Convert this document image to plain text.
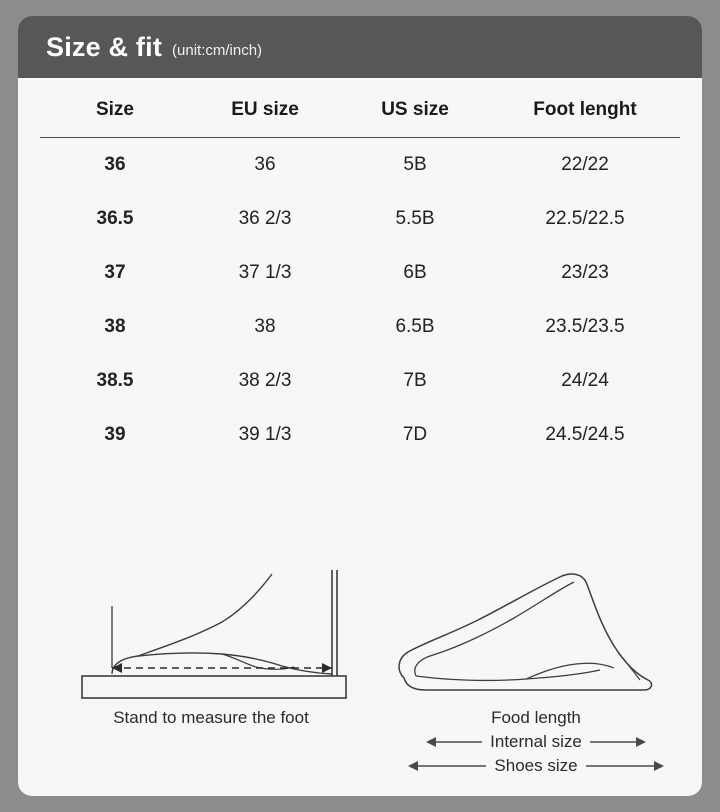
Size & fit (unit:cm/inch)
Size	EU size	US size	Foot lenght
36	36	5B	22/22
36.5	36 2/3	5.5B	22.5/22.5
37	37 1/3	6B	23/23
38	38	6.5B	23.5/23.5
38.5	38 2/3	7B	24/24
39	39 1/3	7D	24.5/24.5
Stand to measure the foot	Food length
Internal size
Shoes size
